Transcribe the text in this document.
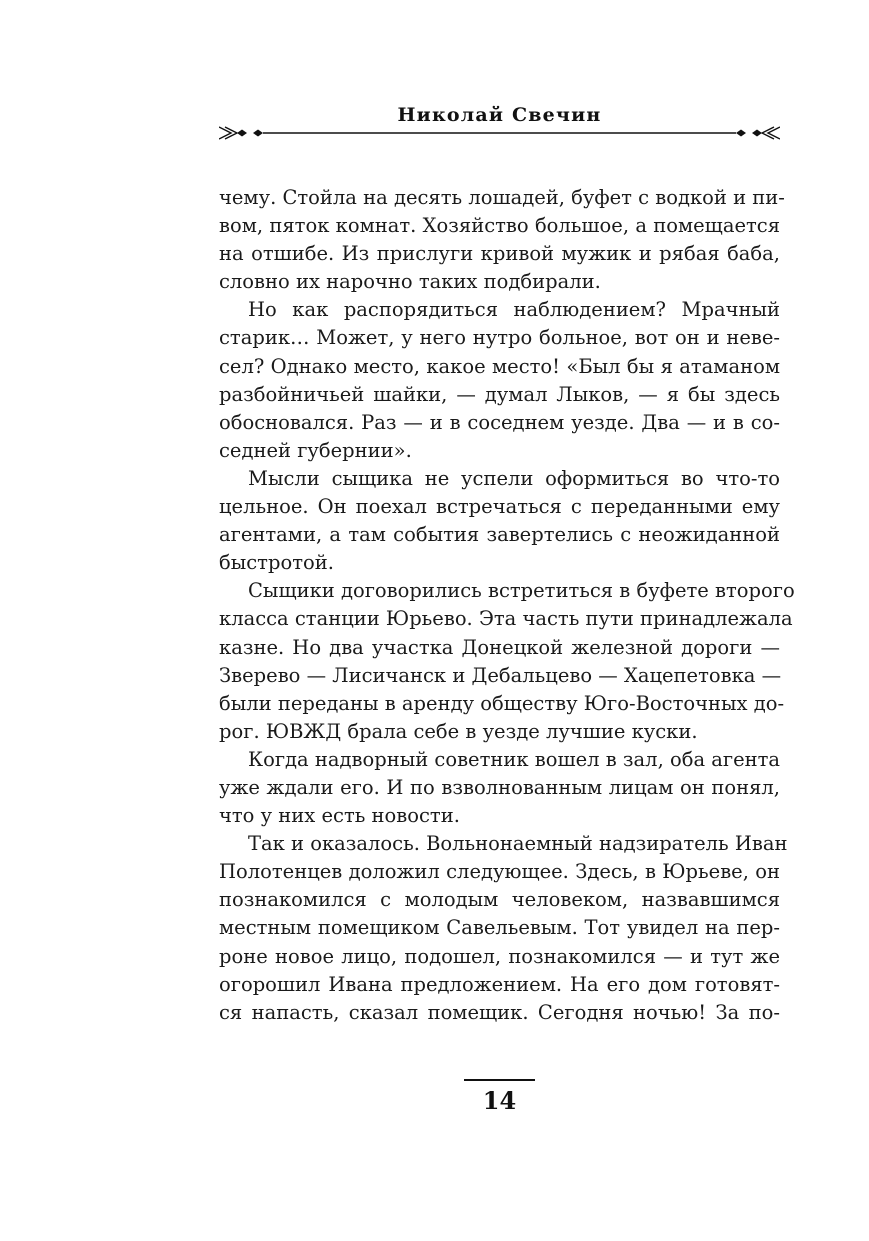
Николай Свечин

чему. Стойла на десять лошадей, буфет с водкой и пи-
вом, пяток комнат. Хозяйство большое, а помещается
на отшибе. Из прислуги кривой мужик и рябая баба,
словно их нарочно таких подбирали.

Но как распорядиться наблюдением? Мрачный
старик… Может, у него нутро больное, вот он и неве-
сел? Однако место, какое место! «Был бы я атаманом
разбойничьей шайки, — думал Лыков, — я бы здесь
обосновался. Раз — и в соседнем уезде. Два — и в со-
седней губернии».

Мысли сыщика не успели оформиться во что-то
цельное. Он поехал встречаться с переданными ему
агентами, а там события завертелись с неожиданной
быстротой.

Сыщики договорились встретиться в буфете второго
класса станции Юрьево. Эта часть пути принадлежала
казне. Но два участка Донецкой железной дороги —
Зверево — Лисичанск и Дебальцево — Хацепетовка —
были переданы в аренду обществу Юго-Восточных до-
рог. ЮВЖД брала себе в уезде лучшие куски.

Когда надворный советник вошел в зал, оба агента
уже ждали его. И по взволнованным лицам он понял,
что у них есть новости.

Так и оказалось. Вольнонаемный надзиратель Иван
Полотенцев доложил следующее. Здесь, в Юрьеве, он
познакомился с молодым человеком, назвавшимся
местным помещиком Савельевым. Тот увидел на пер-
роне новое лицо, подошел, познакомился — и тут же
огорошил Ивана предложением. На его дом готовят-
ся напасть, сказал помещик. Сегодня ночью! За по-

14
